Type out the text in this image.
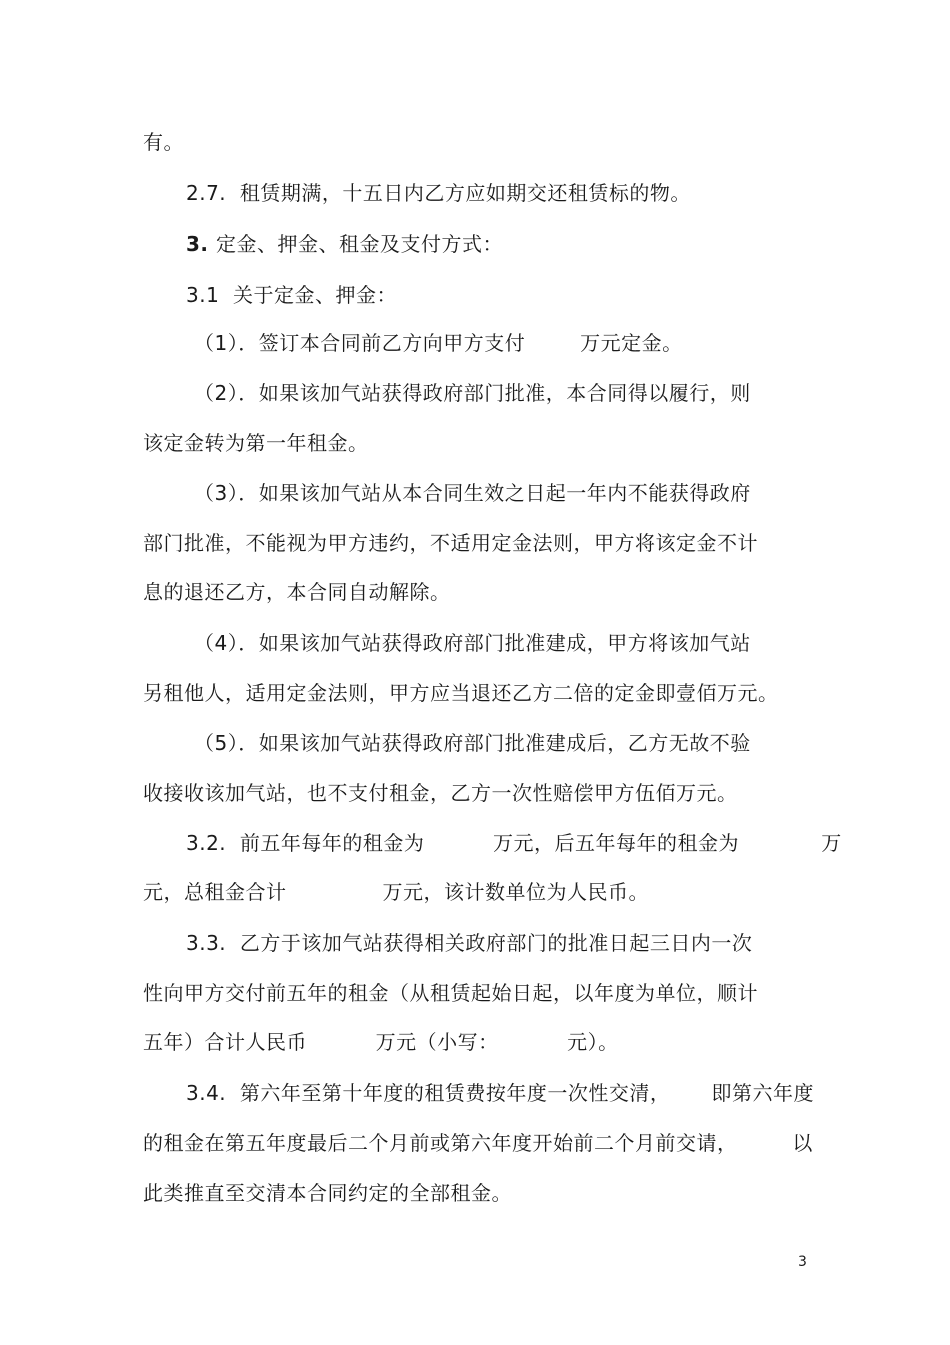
有。
2.7.  租赁期满，十五日内乙方应如期交还租赁标的物。
3. 定金、押金、租金及支付方式：
3.1  关于定金、押金：
（1）．签订本合同前乙方向甲方支付        万元定金。
（2）．如果该加气站获得政府部门批准，本合同得以履行，则
该定金转为第一年租金。
（3）．如果该加气站从本合同生效之日起一年内不能获得政府
部门批准，不能视为甲方违约，不适用定金法则，甲方将该定金不计
息的退还乙方，本合同自动解除。
（4）．如果该加气站获得政府部门批准建成，甲方将该加气站
另租他人，适用定金法则，甲方应当退还乙方二倍的定金即壹佰万元。
（5）．如果该加气站获得政府部门批准建成后，乙方无故不验
收接收该加气站，也不支付租金，乙方一次性赔偿甲方伍佰万元。
3.2.  前五年每年的租金为          万元，后五年每年的租金为            万
元，总租金合计              万元，该计数单位为人民币。
3.3.  乙方于该加气站获得相关政府部门的批准日起三日内一次
性向甲方交付前五年的租金（从租赁起始日起，以年度为单位，顺计
五年）合计人民币          万元（小写：          元）。
3.4.  第六年至第十年度的租赁费按年度一次性交清，      即第六年度
的租金在第五年度最后二个月前或第六年度开始前二个月前交请，        以
此类推直至交清本合同约定的全部租金。
3
